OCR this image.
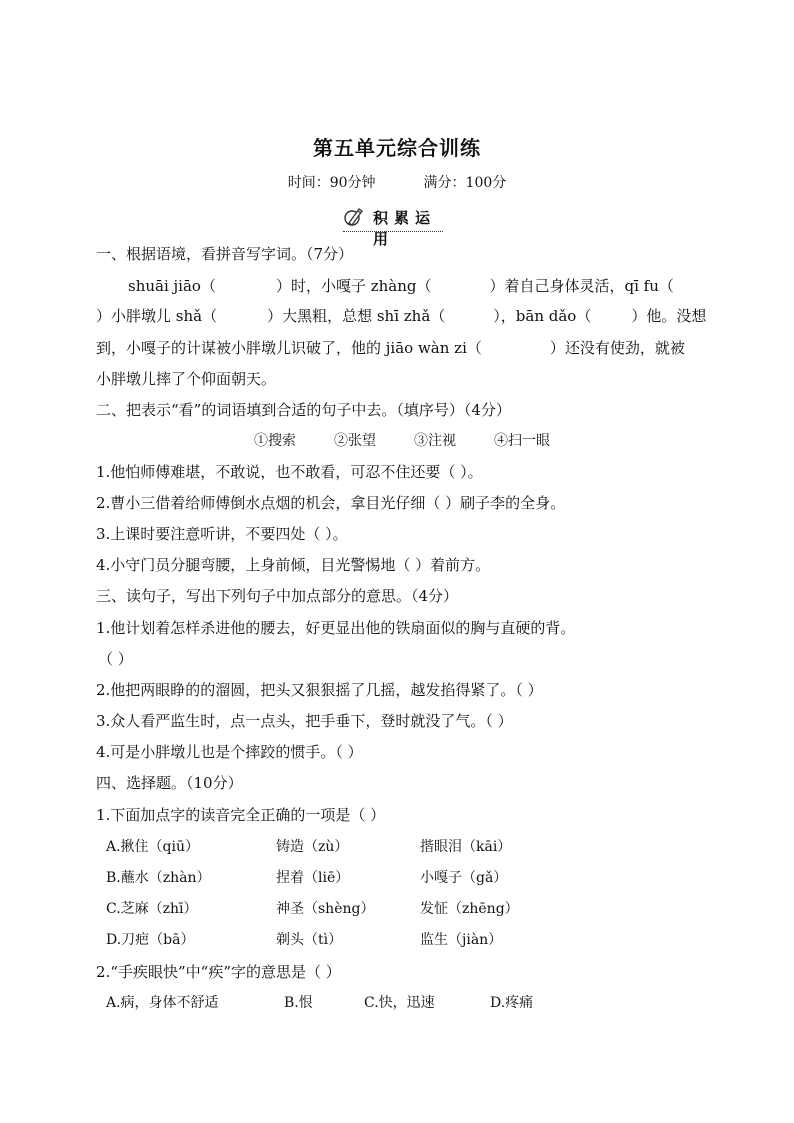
第五单元综合训练
时间：90分钟	满分：100分
积累运用
一、根据语境，看拼音写字词。（7分）
shuāi jiāo（	）时，小嘎子 zhàng（	）着自己身体灵活，qī fu（
）小胖墩儿 shǎ（	）大黑粗，总想 shī zhǎ（	），bān dǎo（	）他。没想
到，小嘎子的计谋被小胖墩儿识破了，他的 jiāo wàn zi（	）还没有使劲，就被
小胖墩儿摔了个仰面朝天。
二、把表示“看”的词语填到合适的句子中去。（填序号）（4分）
①搜索	②张望	③注视	④扫一眼
1.他怕师傅难堪，不敢说，也不敢看，可忍不住还要（ ）。
2.曹小三借着给师傅倒水点烟的机会，拿目光仔细（ ）刷子李的全身。
3.上课时要注意听讲，不要四处（ ）。
4.小守门员分腿弯腰，上身前倾，目光警惕地（ ）着前方。
三、读句子，写出下列句子中加点部分的意思。（4分）
1.他计划着怎样杀进他的腰去，好更显出他的铁扇面似的胸与直硬的背。
（ ）
2.他把两眼睁的的溜圆，把头又狠狠摇了几摇，越发掐得紧了。（ ）
3.众人看严监生时，点一点头，把手垂下，登时就没了气。（ ）
4.可是小胖墩儿也是个摔跤的惯手。（ ）
四、选择题。（10分）
1.下面加点字的读音完全正确的一项是（ ）
A.揪住（qiū）	铸造（zù）	揩眼泪（kāi）
B.蘸水（zhàn）	捏着（liē）	小嘎子（gǎ）
C.芝麻（zhī）	神圣（shèng）	发怔（zhēng）
D.刀疤（bā）	剃头（tì）	监生（jiàn）
2.“手疾眼快”中“疾”字的意思是（ ）
A.病，身体不舒适	B.恨	C.快，迅速	D.疼痛
